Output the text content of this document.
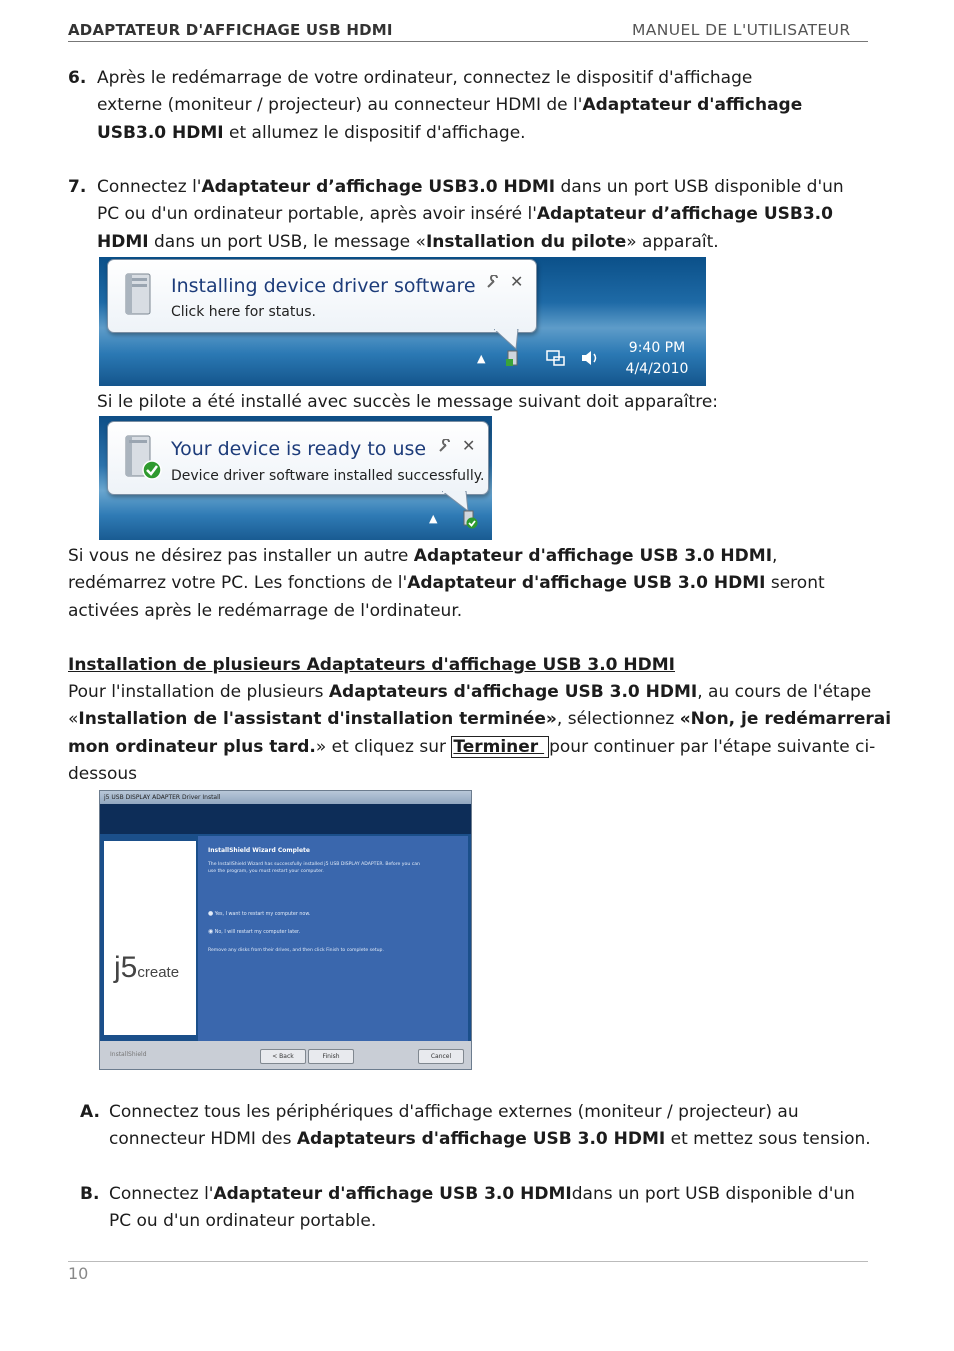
ADAPTATEUR D'AFFICHAGE USB HDMI	MANUEL DE L'UTILISATEUR
6. Après le redémarrage de votre ordinateur, connectez le dispositif d'affichage
externe (moniteur / projecteur) au connecteur HDMI de l'Adaptateur d'affichage
USB3.0 HDMI et allumez le dispositif d'affichage.
7. Connectez l'Adaptateur d’affichage USB3.0 HDMI dans un port USB disponible d'un
PC ou d'un ordinateur portable, après avoir inséré l'Adaptateur d’affichage USB3.0
HDMI dans un port USB, le message «Installation du pilote» apparaît.
Installing device driver software
Click here for status.
✕
▲
9:40 PM
4/4/2010
Si le pilote a été installé avec succès le message suivant doit apparaître:
Your device is ready to use
Device driver software installed successfully.
✕
▲
Si vous ne désirez pas installer un autre Adaptateur d'affichage USB 3.0 HDMI,
redémarrez votre PC. Les fonctions de l'Adaptateur d'affichage USB 3.0 HDMI seront
activées après le redémarrage de l'ordinateur.
Installation de plusieurs Adaptateurs d'affichage USB 3.0 HDMI
Pour l'installation de plusieurs Adaptateurs d'affichage USB 3.0 HDMI, au cours de l'étape
«Installation de l'assistant d'installation terminée», sélectionnez «Non, je redémarrerai
mon ordinateur plus tard.» et cliquez sur Terminer pour continuer par l'étape suivante ci-
dessous
j5 USB DISPLAY ADAPTER Driver Install
j5create
InstallShield Wizard Complete
The InstallShield Wizard has successfully installed j5 USB DISPLAY ADAPTER. Before you can
use the program, you must restart your computer.
● Yes, I want to restart my computer now.
◉ No, I will restart my computer later.
Remove any disks from their drives, and then click Finish to complete setup.
InstallShield	< Back	Finish	Cancel
A. Connectez tous les périphériques d'affichage externes (moniteur / projecteur) au
connecteur HDMI des Adaptateurs d'affichage USB 3.0 HDMI et mettez sous tension.
B. Connectez l'Adaptateur d'affichage USB 3.0 HDMIdans un port USB disponible d'un
PC ou d'un ordinateur portable.
10
